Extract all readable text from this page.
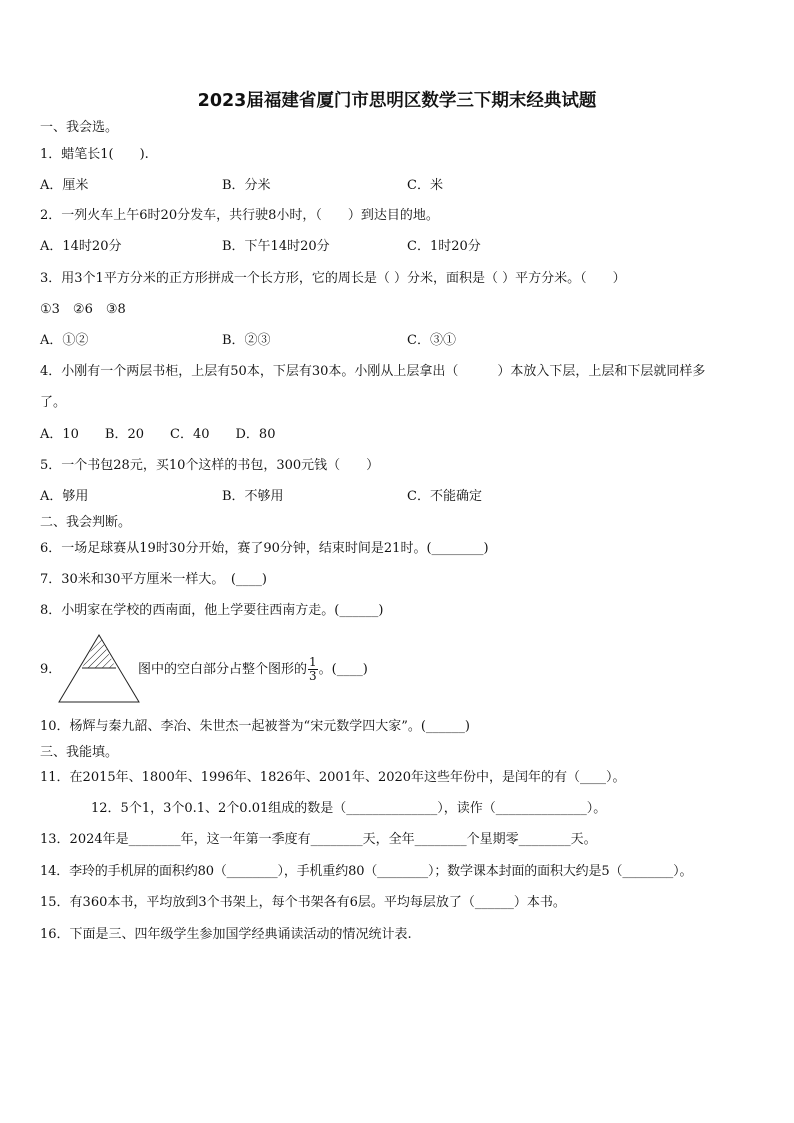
2023届福建省厦门市思明区数学三下期末经典试题
一、我会选。
1．蜡笔长1(　　).
A．厘米	B．分米	C．米
2．一列火车上午6时20分发车，共行驶8小时，（　　）到达目的地。
A．14时20分	B．下午14时20分	C．1时20分
3．用3个1平方分米的正方形拼成一个长方形，它的周长是（ ）分米，面积是（ ）平方分米。（　　）
①3　②6　③8
A．①②	B．②③	C．③①
4．小刚有一个两层书柜，上层有50本，下层有30本。小刚从上层拿出（　　　）本放入下层，上层和下层就同样多
了。
A．10　　B．20　　C．40　　D．80
5．一个书包28元，买10个这样的书包，300元钱（　　）
A．够用	B．不够用	C．不能确定
二、我会判断。
6．一场足球赛从19时30分开始，赛了90分钟，结束时间是21时。(________)
7．30米和30平方厘米一样大。　(____)
8．小明家在学校的西南面，他上学要往西南方走。(______)
9．	图中的空白部分占整个图形的 $\frac{1}{3}$ 。(____)
10．杨辉与秦九韶、李冶、朱世杰一起被誉为“宋元数学四大家”。(______)
三、我能填。
11．在2015年、1800年、1996年、1826年、2001年、2020年这些年份中，是闰年的有（____）。
12．5个1，3个0.1、2个0.01组成的数是（______________），读作（______________）。
13．2024年是________年，这一年第一季度有________天，全年________个星期零________天。
14．李玲的手机屏的面积约80（________），手机重约80（________）；数学课本封面的面积大约是5（________）。
15．有360本书，平均放到3个书架上，每个书架各有6层。平均每层放了（______）本书。
16．下面是三、四年级学生参加国学经典诵读活动的情况统计表.
